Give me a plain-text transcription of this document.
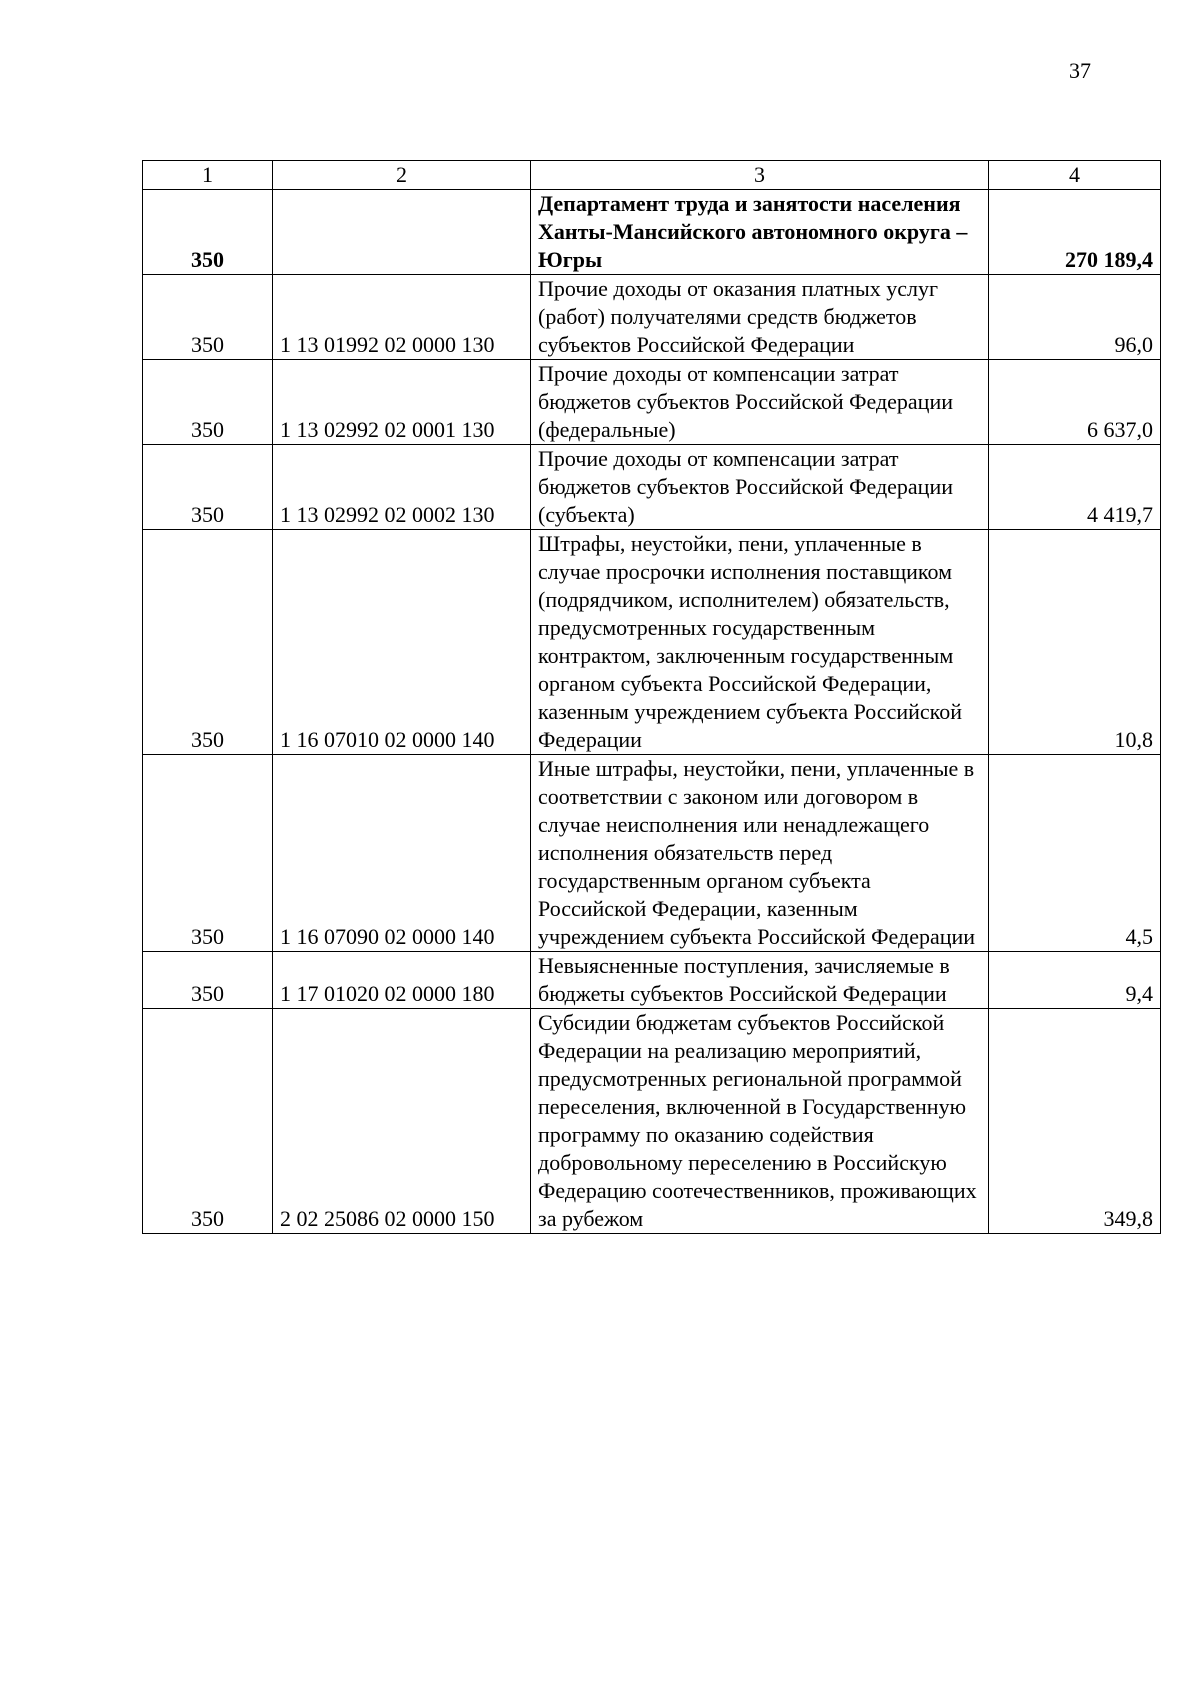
37
1	2	3	4
350		Департамент труда и занятости населения Ханты-Мансийского автономного округа – Югры	270 189,4
350	1 13 01992 02 0000 130	Прочие доходы от оказания платных услуг (работ) получателями средств бюджетов субъектов Российской Федерации	96,0
350	1 13 02992 02 0001 130	Прочие доходы от компенсации затрат бюджетов субъектов Российской Федерации (федеральные)	6 637,0
350	1 13 02992 02 0002 130	Прочие доходы от компенсации затрат бюджетов субъектов Российской Федерации (субъекта)	4 419,7
350	1 16 07010 02 0000 140	Штрафы, неустойки, пени, уплаченные в случае просрочки исполнения поставщиком (подрядчиком, исполнителем) обязательств, предусмотренных государственным контрактом, заключенным государственным органом субъекта Российской Федерации, казенным учреждением субъекта Российской Федерации	10,8
350	1 16 07090 02 0000 140	Иные штрафы, неустойки, пени, уплаченные в соответствии с законом или договором в случае неисполнения или ненадлежащего исполнения обязательств перед государственным органом субъекта Российской Федерации, казенным учреждением субъекта Российской Федерации	4,5
350	1 17 01020 02 0000 180	Невыясненные поступления, зачисляемые в бюджеты субъектов Российской Федерации	9,4
350	2 02 25086 02 0000 150	Субсидии бюджетам субъектов Российской Федерации на реализацию мероприятий, предусмотренных региональной программой переселения, включенной в Государственную программу по оказанию содействия добровольному переселению в Российскую Федерацию соотечественников, проживающих за рубежом	349,8
